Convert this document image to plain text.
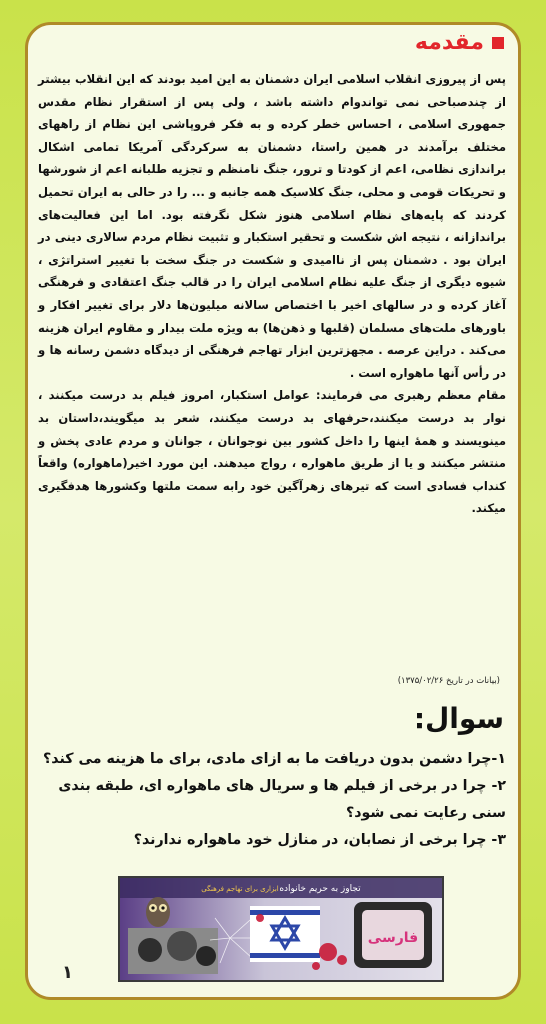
مقدمه

پس از پیروزی انقلاب اسلامی ایران دشمنان به این امید بودند که این انقلاب بیشتر از چندصباحی نمی تواندوام داشته باشد ، ولی پس از استقرار نظام مقدس جمهوری اسلامی ، احساس خطر کرده و به فکر فروپاشی این نظام از راههای مختلف برآمدند در همین راستا، دشمنان به سرکردگی آمریکا تمامی اشکال براندازی نظامی، اعم از کودتا و ترور، جنگ نامنظم و تجزیه طلبانه اعم از شورشها و تحریکات قومی و محلی، جنگ کلاسیک همه جانبه و ... را در حالی به ایران تحمیل کردند که پایه‌های نظام اسلامی هنوز شکل نگرفته بود. اما این فعالیت‌های براندازانه ، نتیجه اش شکست و تحقیر استکبار و تثبیت نظام مردم سالاری دینی در ایران بود . دشمنان پس از ناامیدی و شکست در جنگ سخت با تغییر استراتژی ، شیوه دیگری از جنگ علیه نظام اسلامی ایران را در قالب جنگ اعتقادی و فرهنگی آغاز کرده و در سالهای اخیر با اختصاص سالانه میلیون‌ها دلار برای تغییر افکار و باورهای ملت‌های مسلمان (قلبها و ذهن‌ها) به ویژه ملت بیدار و مقاوم ایران هزینه می‌کند . دراین عرصه . مجهزترین ابزار تهاجم فرهنگی از دیدگاه دشمن رسانه ها و در رأس آنها ماهواره است .

مقام معظم رهبری می فرمایند: عوامل استکبار، امروز فیلم بد درست میکنند ، نوار بد درست میکنند،حرفهای بد درست میکنند، شعر بد میگویند،داستان بد مینویسند و همهٔ اینها را داخل کشور بین نوجوانان ، جوانان و مردم عادی پخش و منتشر میکنند و یا از طریق ماهواره ، رواج میدهند. این مورد اخیر(ماهواره) واقعاً کنداب فسادی است که تیرهای زهرآگین خود رابه سمت ملتها وکشورها هدفگیری میکند.

(بیانات در تاریخ ۱۳۷۵/۰۲/۲۶)
سوال:

۱-چرا دشمن بدون دریافت ما به ازای مادی، برای ما هزینه می کند؟

۲- چرا در برخی از فیلم ها و سریال های ماهواره ای، طبقه بندی سنی رعایت نمی شود؟

۳- چرا برخی از نصابان، در منازل خود ماهواره ندارند؟

تجاوز به حریم خانواده
ابزاری برای تهاجم فرهنگی
فارسی
۱
